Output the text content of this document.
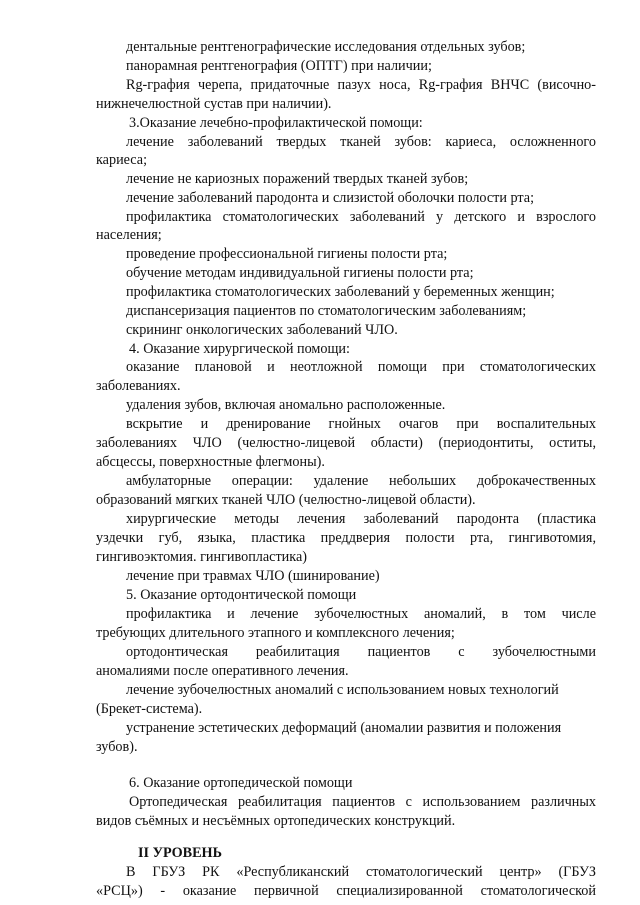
дентальные рентгенографические исследования отдельных зубов;
панорамная рентгенография (ОПТГ) при наличии;
Rg-графия черепа, придаточные пазух носа, Rg-графия ВНЧС (височно-
нижнечелюстной сустав при наличии).
3.Оказание лечебно-профилактической помощи:
лечение заболеваний твердых тканей зубов: кариеса, осложненного
кариеса;
лечение не кариозных поражений твердых тканей зубов;
лечение заболеваний пародонта и слизистой оболочки полости рта;
профилактика стоматологических заболеваний у детского и взрослого
населения;
проведение профессиональной гигиены полости рта;
обучение методам индивидуальной гигиены полости рта;
профилактика стоматологических заболеваний у беременных женщин;
диспансеризация пациентов по стоматологическим заболеваниям;
скрининг онкологических заболеваний ЧЛО.
4. Оказание хирургической помощи:
оказание плановой и неотложной помощи при стоматологических
заболеваниях.
удаления зубов, включая аномально расположенные.
вскрытие и дренирование гнойных очагов при воспалительных
заболеваниях ЧЛО (челюстно-лицевой области) (периодонтиты, оститы,
абсцессы, поверхностные флегмоны).
амбулаторные операции: удаление небольших доброкачественных
образований мягких тканей ЧЛО (челюстно-лицевой области).
хирургические методы лечения заболеваний пародонта (пластика
уздечки губ, языка, пластика преддверия полости рта, гингивотомия,
гингивоэктомия. гингивопластика)
лечение при травмах ЧЛО (шинирование)
5. Оказание ортодонтической помощи
профилактика и лечение зубочелюстных аномалий, в том числе
требующих длительного этапного и комплексного лечения;
ортодонтическая реабилитация пациентов с зубочелюстными
аномалиями после оперативного лечения.
лечение зубочелюстных аномалий с использованием новых технологий
(Брекет-система).
устранение эстетических деформаций (аномалии развития и положения
зубов).
6. Оказание ортопедической помощи
Ортопедическая реабилитация пациентов с использованием различных
видов съёмных и несъёмных ортопедических конструкций.
II УРОВЕНЬ
В ГБУЗ РК «Республиканский стоматологический центр» (ГБУЗ
«РСЦ») - оказание первичной специализированной стоматологической
